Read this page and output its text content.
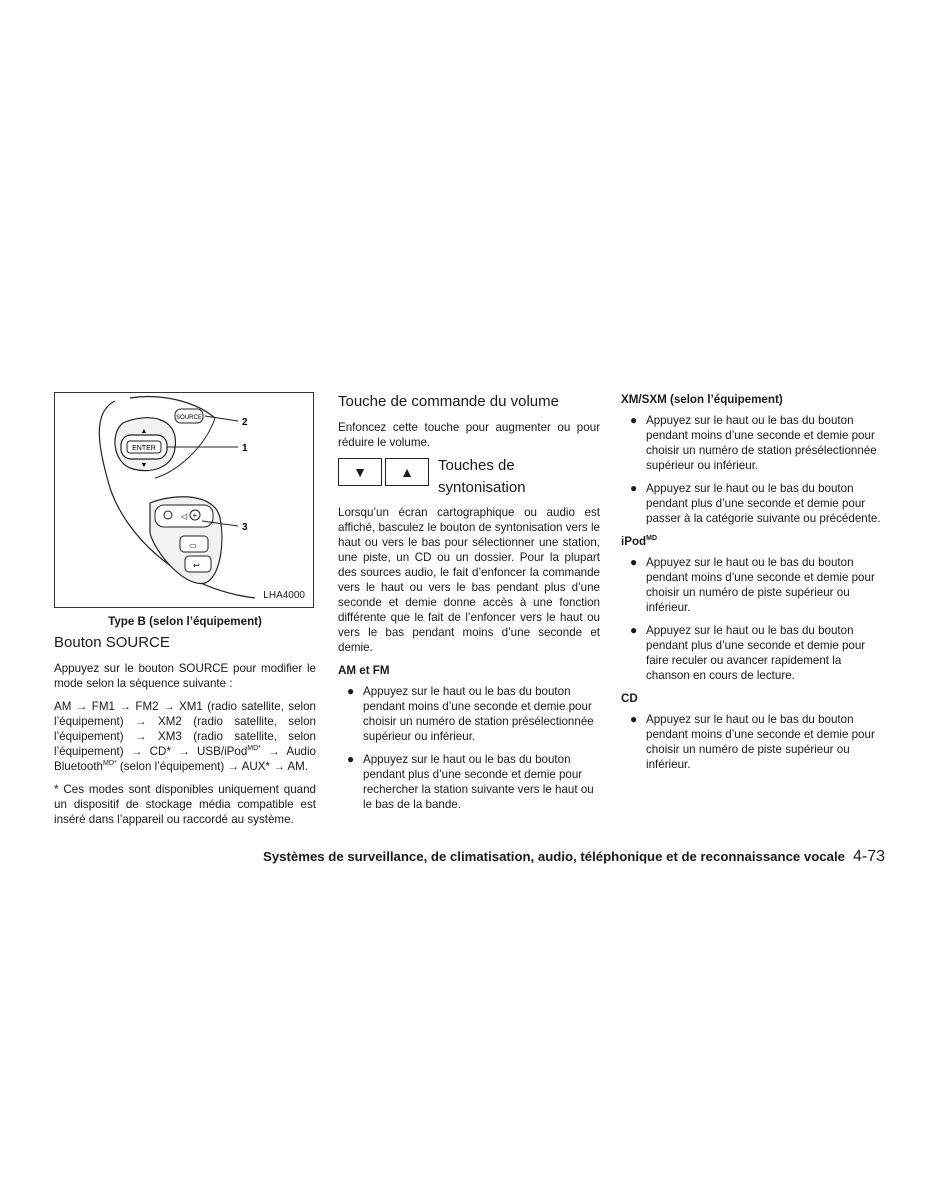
SOURCE
ENTER
▲
▼
◁ +
▭
↩
2
1
3
LHA4000
Type B (selon l’équipement)
Bouton SOURCE

Appuyez sur le bouton SOURCE pour modifier le mode selon la séquence suivante :

AM → FM1 → FM2 → XM1 (radio satellite, selon l’équipement) → XM2 (radio satellite, selon l’équipement) → XM3 (radio satellite, selon l’équipement) → CD* → USB/iPod$^{MD*}$ → Audio Bluetooth$^{MD*}$ (selon l’équipement) → AUX* → AM.

* Ces modes sont disponibles uniquement quand un dispositif de stockage média compatible est inséré dans l’appareil ou raccordé au système.

Touche de commande du volume

Enfoncez cette touche pour augmenter ou pour réduire le volume.

▼	▲	Touches de
syntonisation

Lorsqu’un écran cartographique ou audio est affiché, basculez le bouton de syntonisation vers le haut ou vers le bas pour sélectionner une station, une piste, un CD ou un dossier. Pour la plupart des sources audio, le fait d’enfoncer la commande vers le haut ou vers le bas pendant plus d’une seconde et demie donne accès à une fonction différente que le fait de l’enfoncer vers le haut ou vers le bas pendant moins d’une seconde et demie.

AM et FM
● Appuyez sur le haut ou le bas du bouton pendant moins d’une seconde et demie pour choisir un numéro de station présélectionnée supérieur ou inférieur.
● Appuyez sur le haut ou le bas du bouton pendant plus d’une seconde et demie pour rechercher la station suivante vers le haut ou le bas de la bande.
XM/SXM (selon l’équipement)
● Appuyez sur le haut ou le bas du bouton pendant moins d’une seconde et demie pour choisir un numéro de station présélectionnée supérieur ou inférieur.
● Appuyez sur le haut ou le bas du bouton pendant plus d’une seconde et demie pour passer à la catégorie suivante ou précédente.
iPod$^{MD}$
● Appuyez sur le haut ou le bas du bouton pendant moins d’une seconde et demie pour choisir un numéro de piste supérieur ou inférieur.
● Appuyez sur le haut ou le bas du bouton pendant plus d’une seconde et demie pour faire reculer ou avancer rapidement la chanson en cours de lecture.
CD
● Appuyez sur le haut ou le bas du bouton pendant moins d’une seconde et demie pour choisir un numéro de piste supérieur ou inférieur.
Systèmes de surveillance, de climatisation, audio, téléphonique et de reconnaissance vocale 4-73
